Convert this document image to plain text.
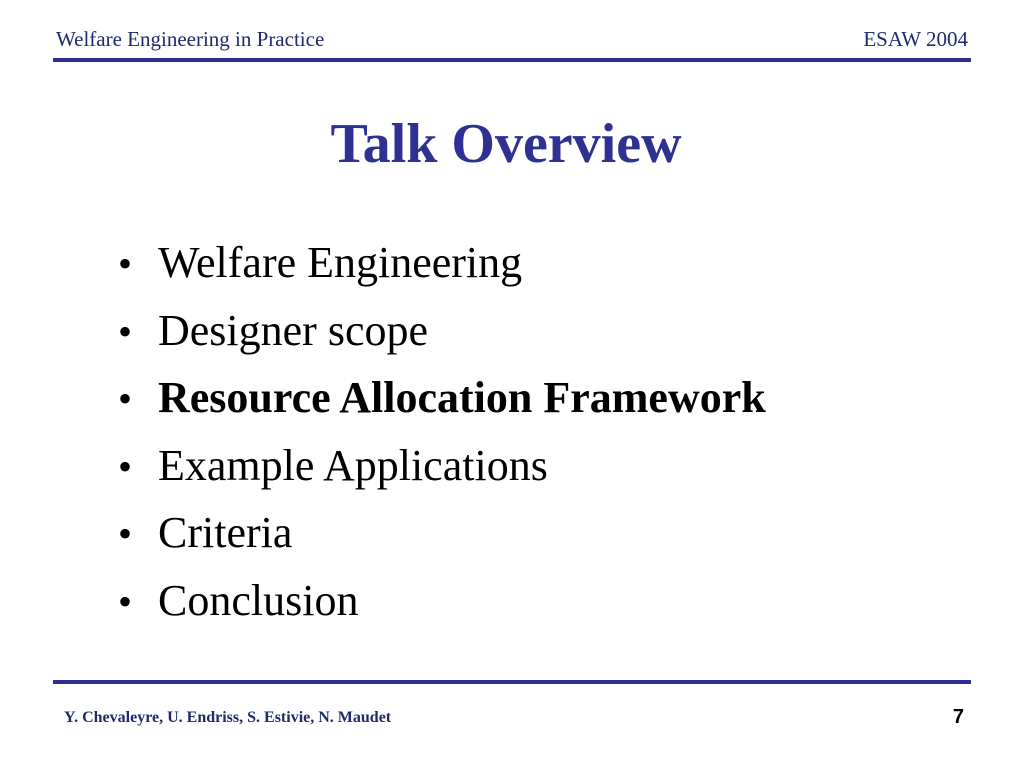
Welfare Engineering in Practice	ESAW 2004
Talk Overview
• Welfare Engineering
• Designer scope
• Resource Allocation Framework
• Example Applications
• Criteria
• Conclusion
Y. Chevaleyre, U. Endriss, S. Estivie, N. Maudet	7
